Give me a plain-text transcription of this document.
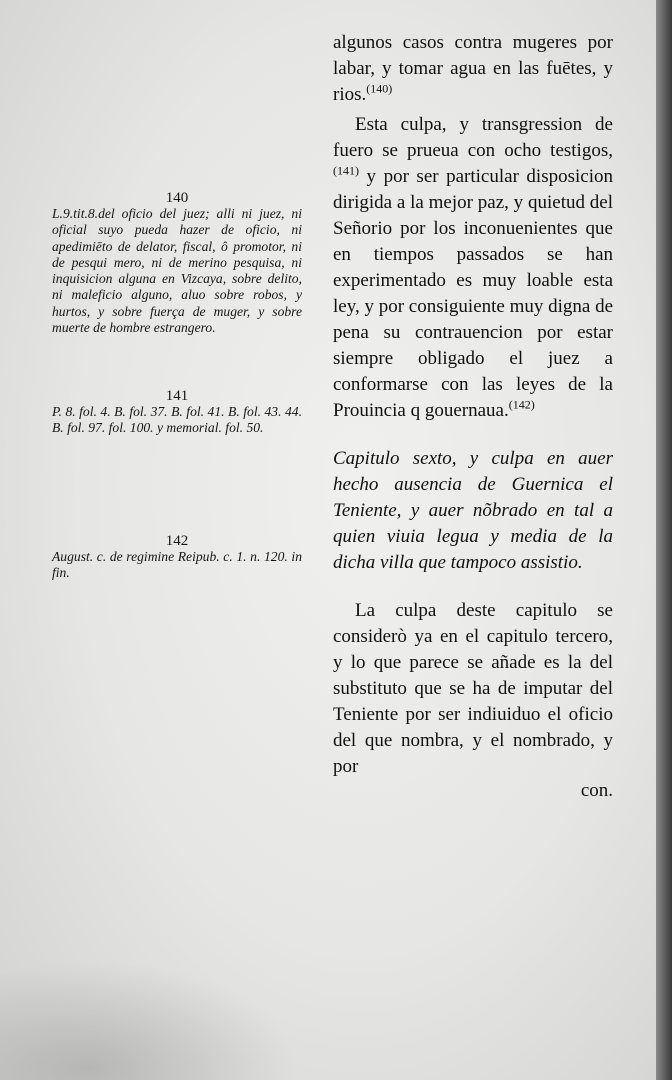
140

L.9.tit.8.del oficio del juez; alli ni juez, ni oficial suyo pueda hazer de oficio, ni apedimiēto de delator, fiscal, ô promotor, ni de pesqui mero, ni de merino pesquisa, ni inquisicion alguna en Vizcaya, sobre delito, ni maleficio alguno, aluo sobre robos, y hurtos, y sobre fuerça de muger, y sobre muerte de hombre estrangero.

141

P. 8. fol. 4. B. fol. 37. B. fol. 41. B. fol. 43. 44. B. fol. 97. fol. 100. y memorial. fol. 50.

142

August. c. de regimine Reipub. c. 1. n. 120. in fin.

algunos casos contra mugeres por labar, y tomar agua en las fuētes, y rios.$^{(140)}$

Esta culpa, y transgression de fuero se prueua con ocho testigos,$^{(141)}$ y por ser particular disposicion dirigida a la mejor paz, y quietud del Señorio por los inconuenientes que en tiempos passados se han experimentado es muy loable esta ley, y por consiguiente muy digna de pena su contrauencion por estar siempre obligado el juez a conformarse con las leyes de la Prouincia q gouernaua.$^{(142)}$

Capitulo sexto, y culpa en auer hecho ausencia de Guernica el Teniente, y auer nõbrado en tal a quien viuia legua y media de la dicha villa que tampoco assistio.

La culpa deste capitulo se considerò ya en el capitulo tercero, y lo que parece se añade es la del substituto que se ha de imputar del Teniente por ser indiuiduo el oficio del que nombra, y el nombrado, y por

con.
